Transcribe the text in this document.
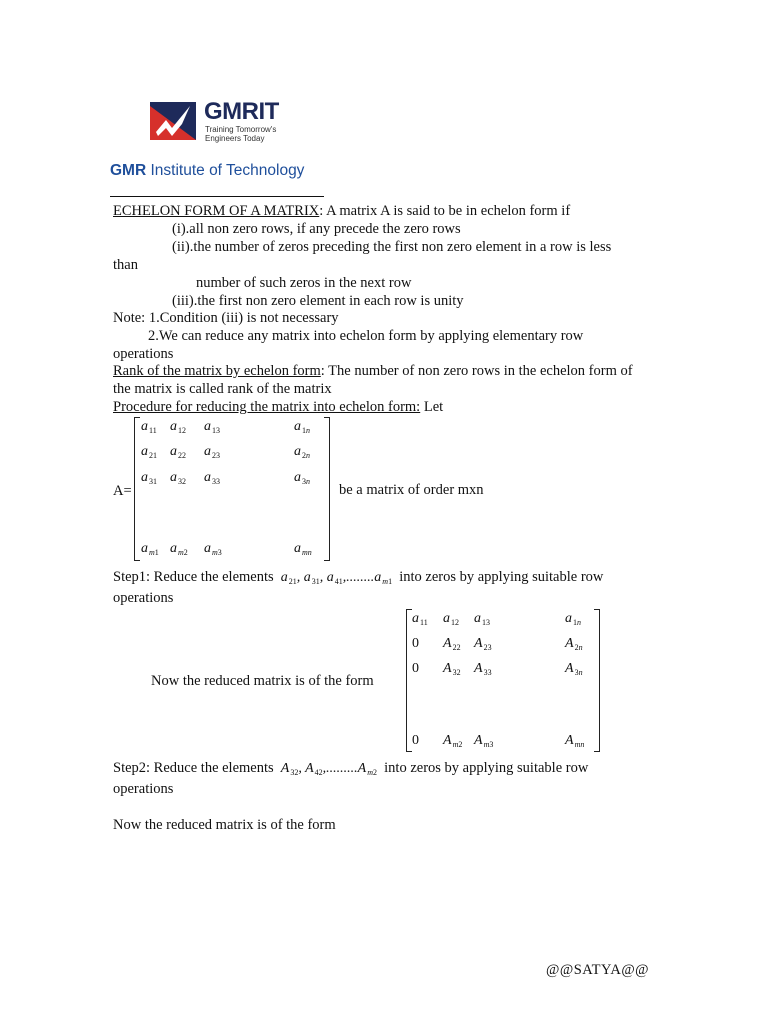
GMRIT
Training Tomorrow's
Engineers Today
GMR Institute of Technology
ECHELON FORM OF A MATRIX: A matrix A is said to be in echelon form if
(i).all non zero rows, if any precede the zero rows
(ii).the number of zeros preceding the first non zero element in a row is less
than
number of such zeros in the next row
(iii).the first non zero element in each row is unity
Note: 1.Condition (iii) is not necessary
2.We can reduce any matrix into echelon form by applying elementary row
operations
Rank of the matrix by echelon form: The number of non zero rows in the echelon form of
the matrix is called rank of the matrix
Procedure for reducing the matrix into echelon form: Let
A=
$a_{11}$ $a_{12}$ $a_{13}$	$a_{1n}$
$a_{21}$ $a_{22}$ $a_{23}$	$a_{2n}$
$a_{31}$ $a_{32}$ $a_{33}$	$a_{3n}$
$a_{m1}$ $a_{m2}$ $a_{m3}$	$a_{mn}$
be a matrix of order mxn
Step1: Reduce the elements  $a_{21}$, $a_{31}$, $a_{41},........a_{m1}$ into zeros by applying suitable row
operations
Now the reduced matrix is of the form
$a_{11}$ $a_{12}$ $a_{13}$	$a_{1n}$
0 $A_{22}$ $A_{23}$	$A_{2n}$
0 $A_{32}$ $A_{33}$	$A_{3n}$
0 $A_{m2}$ $A_{m3}$	$A_{mn}$
Step2: Reduce the elements  $A_{32}$, $A_{42},.........A_{m2}$ into zeros by applying suitable row
operations
Now the reduced matrix is of the form
@@SATYA@@
